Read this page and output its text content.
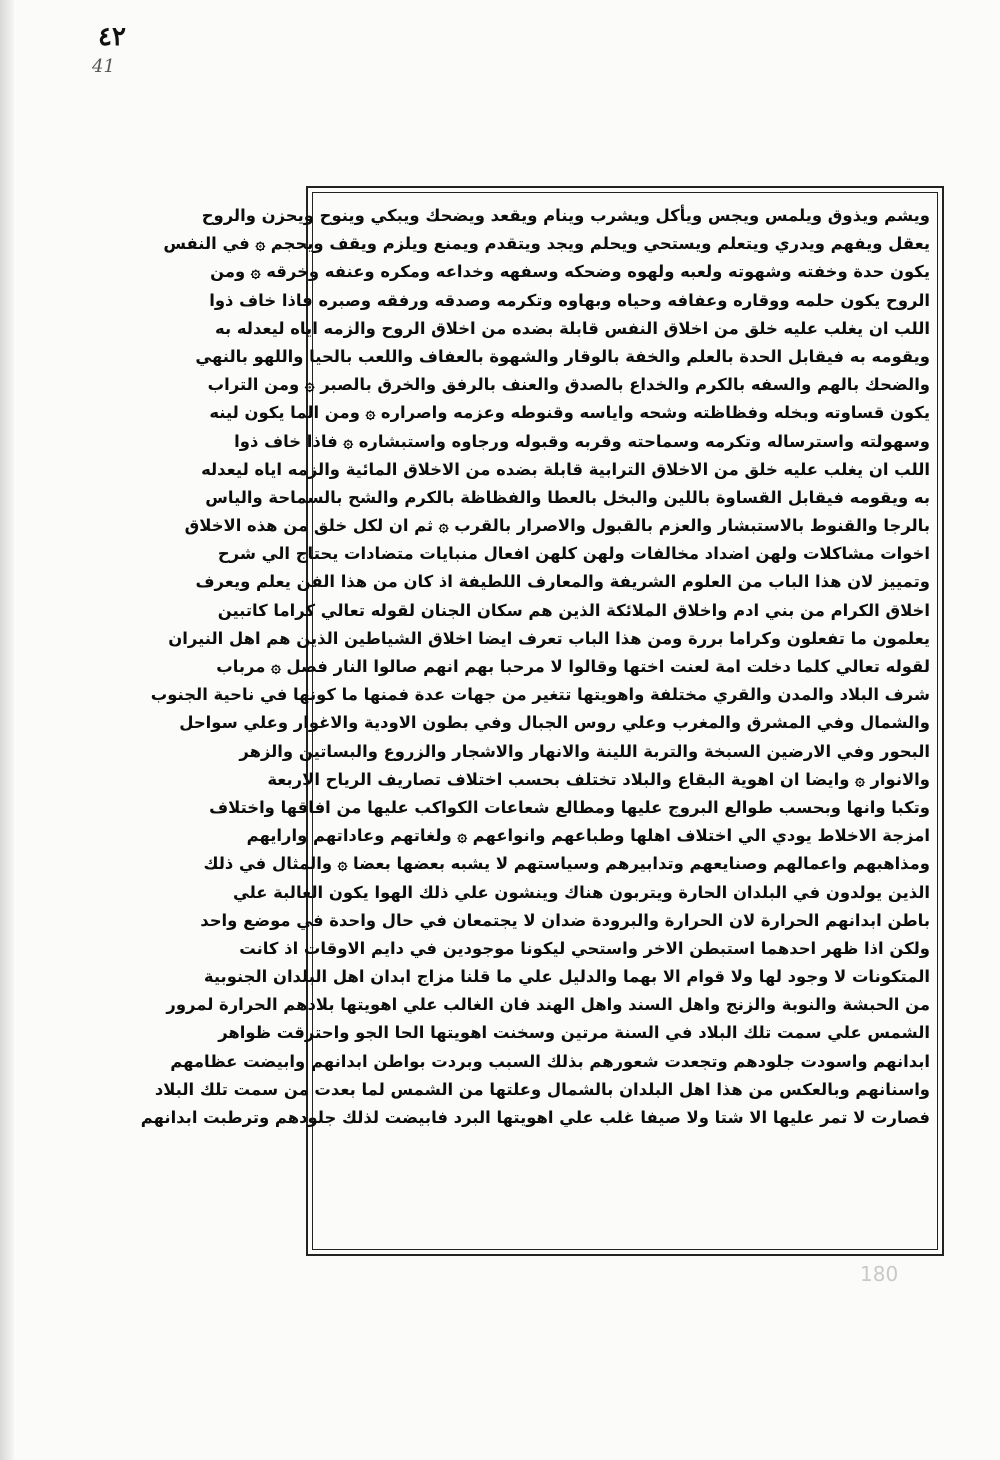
٤٢
41
ويشم ويذوق ويلمس ويجس ويأكل ويشرب وينام ويقعد ويضحك ويبكي وينوح ويحزن والروح
يعقل ويفهم ويدري ويتعلم ويستحي ويحلم ويجد ويتقدم ويمنع ويلزم ويقف ويحجم ۞ في النفس
يكون حدة وخفته وشهوته ولعبه ولهوه وضحكه وسفهه وخداعه ومكره وعنفه وخرقه ۞ ومن
الروح يكون حلمه ووقاره وعفافه وحياه وبهاوه وتكرمه وصدقه ورفقه وصبره فاذا خاف ذوا
اللب ان يغلب عليه خلق من اخلاق النفس قابلة بضده من اخلاق الروح والزمه اياه ليعدله به
ويقومه به فيقابل الحدة بالعلم والخفة بالوقار والشهوة بالعفاف واللعب بالحيا واللهو بالنهي
والضحك بالهم والسفه بالكرم والخداع بالصدق والعنف بالرفق والخرق بالصبر ۞ ومن التراب
يكون قساوته وبخله وفظاظته وشحه واياسه وقنوطه وعزمه واصراره ۞ ومن الما يكون لينه
وسهولته واسترساله وتكرمه وسماحته وقربه وقبوله ورجاوه واستبشاره ۞ فاذا خاف ذوا
اللب ان يغلب عليه خلق من الاخلاق الترابية قابلة بضده من الاخلاق المائية والزمه اياه ليعدله
به ويقومه فيقابل القساوة باللين والبخل بالعطا والفظاظة بالكرم والشح بالسماحة والياس
بالرجا والقنوط بالاستبشار والعزم بالقبول والاصرار بالقرب ۞ ثم ان لكل خلق من هذه الاخلاق
اخوات مشاكلات ولهن اضداد مخالفات ولهن كلهن افعال منبايات متضادات يحتاج الي شرح
وتمييز لان هذا الباب من العلوم الشريفة والمعارف اللطيفة اذ كان من هذا الفن يعلم ويعرف
اخلاق الكرام من بني ادم واخلاق الملائكة الذين هم سكان الجنان لقوله تعالي كراما كاتبين
يعلمون ما تفعلون وكراما بررة ومن هذا الباب تعرف ايضا اخلاق الشياطين الذين هم اهل النيران
لقوله تعالي كلما دخلت امة لعنت اختها وقالوا لا مرحبا بهم انهم صالوا النار فصل ۞ مرباب
شرف البلاد والمدن والقري مختلفة واهويتها تتغير من جهات عدة فمنها ما كونها في ناحية الجنوب
والشمال وفي المشرق والمغرب وعلي روس الجبال وفي بطون الاودية والاغوار وعلي سواحل
البحور وفي الارضين السبخة والتربة اللينة والانهار والاشجار والزروع والبساتين والزهر
والانوار ۞ وايضا ان اهوية البقاع والبلاد تختلف بحسب اختلاف تصاريف الرياح الاربعة
وتكبا وانها وبحسب طوالع البروج عليها ومطالع شعاعات الكواكب عليها من افاقها واختلاف
امزجة الاخلاط يودي الي اختلاف اهلها وطباعهم وانواعهم ۞ ولغاتهم وعاداتهم وارايهم
ومذاهبهم واعمالهم وصنايعهم وتدابيرهم وسياستهم لا يشبه بعضها بعضا ۞ والمثال في ذلك
الذين يولدون في البلدان الحارة ويتربون هناك وينشون علي ذلك الهوا يكون الغالبة علي
باطن ابدانهم الحرارة لان الحرارة والبرودة ضدان لا يجتمعان في حال واحدة في موضع واحد
ولكن اذا ظهر احدهما استبطن الاخر واستحي ليكونا موجودين في دايم الاوقات اذ كانت
المتكونات لا وجود لها ولا قوام الا بهما والدليل علي ما قلنا مزاج ابدان اهل البلدان الجنوبية
من الحبشة والنوبة والزنج واهل السند واهل الهند فان الغالب علي اهويتها بلادهم الحرارة لمرور
الشمس علي سمت تلك البلاد في السنة مرتين وسخنت اهويتها الحا الجو واحترقت ظواهر
ابدانهم واسودت جلودهم وتجعدت شعورهم بذلك السبب وبردت بواطن ابدانهم وابيضت عظامهم
واسنانهم وبالعكس من هذا اهل البلدان بالشمال وعلتها من الشمس لما بعدت من سمت تلك البلاد
فصارت لا تمر عليها الا شتا ولا صيفا غلب علي اهويتها البرد فابيضت لذلك جلودهم وترطبت ابدانهم
180
